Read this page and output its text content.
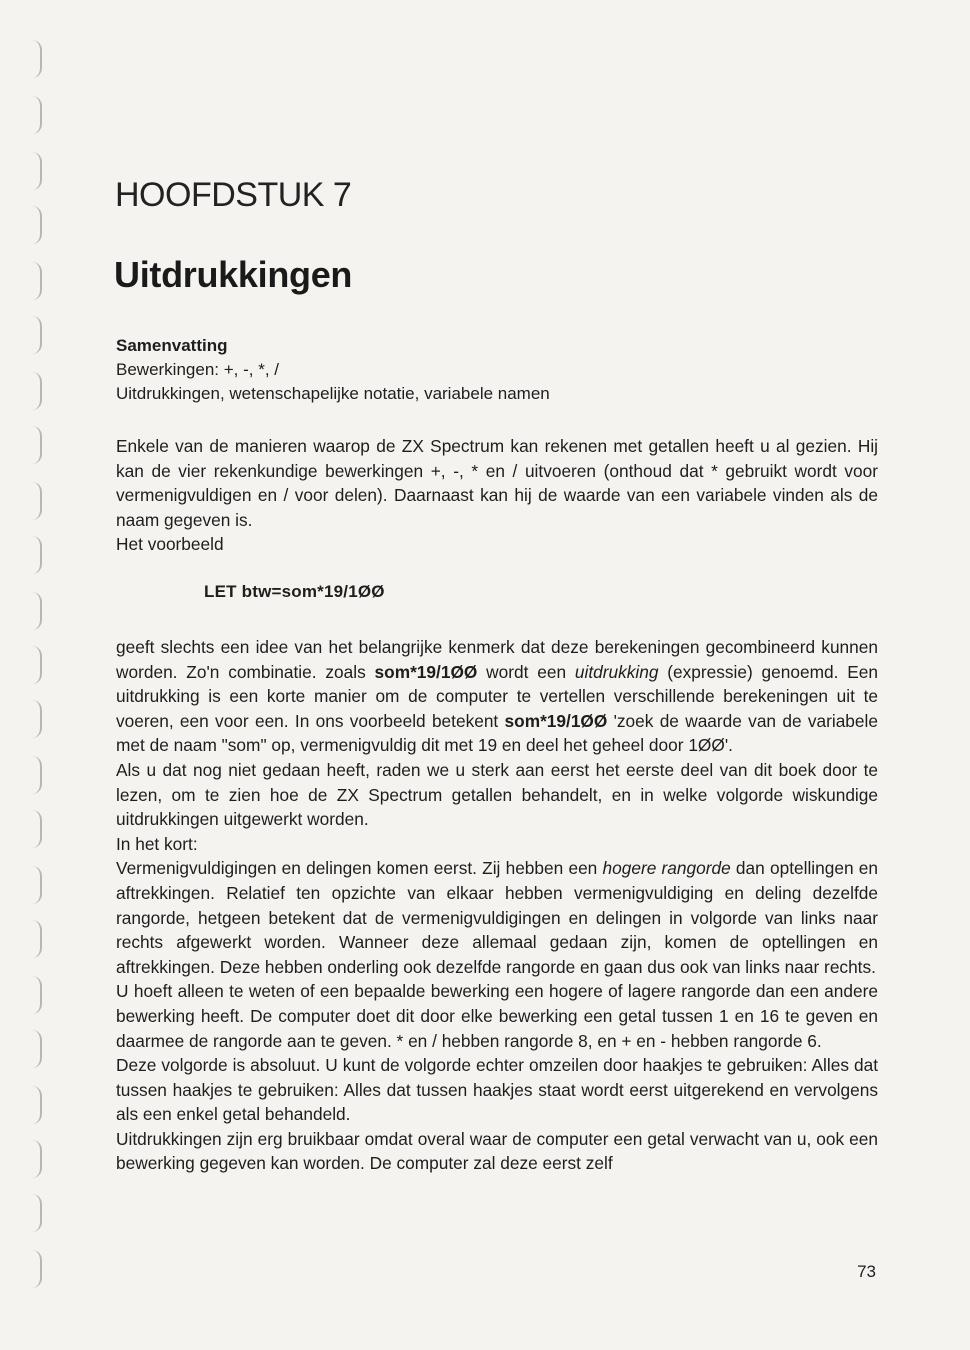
HOOFDSTUK 7
Uitdrukkingen
Samenvatting
Bewerkingen: +, -, *, /
Uitdrukkingen, wetenschapelijke notatie, variabele namen

Enkele van de manieren waarop de ZX Spectrum kan rekenen met getallen heeft u al gezien. Hij kan de vier rekenkundige bewerkingen +, -, * en / uitvoeren (onthoud dat * gebruikt wordt voor vermenigvuldigen en / voor delen). Daarnaast kan hij de waarde van een variabele vinden als de naam gegeven is.

Het voorbeeld

LET btw=som*19/1ØØ

geeft slechts een idee van het belangrijke kenmerk dat deze berekeningen gecombineerd kunnen worden. Zo'n combinatie. zoals som*19/1ØØ wordt een uitdrukking (expressie) genoemd. Een uitdrukking is een korte manier om de computer te vertellen verschillende berekeningen uit te voeren, een voor een. In ons voorbeeld betekent som*19/1ØØ 'zoek de waarde van de variabele met de naam "som" op, vermenigvuldig dit met 19 en deel het geheel door 1ØØ'.

Als u dat nog niet gedaan heeft, raden we u sterk aan eerst het eerste deel van dit boek door te lezen, om te zien hoe de ZX Spectrum getallen behandelt, en in welke volgorde wiskundige uitdrukkingen uitgewerkt worden.

In het kort:

Vermenigvuldigingen en delingen komen eerst. Zij hebben een hogere rangorde dan optellingen en aftrekkingen. Relatief ten opzichte van elkaar hebben vermenigvuldiging en deling dezelfde rangorde, hetgeen betekent dat de vermenigvuldigingen en delingen in volgorde van links naar rechts afgewerkt worden. Wanneer deze allemaal gedaan zijn, komen de optellingen en aftrekkingen. Deze hebben onderling ook dezelfde rangorde en gaan dus ook van links naar rechts.

U hoeft alleen te weten of een bepaalde bewerking een hogere of lagere rangorde dan een andere bewerking heeft. De computer doet dit door elke bewerking een getal tussen 1 en 16 te geven en daarmee de rangorde aan te geven. * en / hebben rangorde 8, en + en - hebben rangorde 6.

Deze volgorde is absoluut. U kunt de volgorde echter omzeilen door haakjes te gebruiken: Alles dat tussen haakjes te gebruiken: Alles dat tussen haakjes staat wordt eerst uitgerekend en vervolgens als een enkel getal behandeld.

Uitdrukkingen zijn erg bruikbaar omdat overal waar de computer een getal verwacht van u, ook een bewerking gegeven kan worden. De computer zal deze eerst zelf

73
